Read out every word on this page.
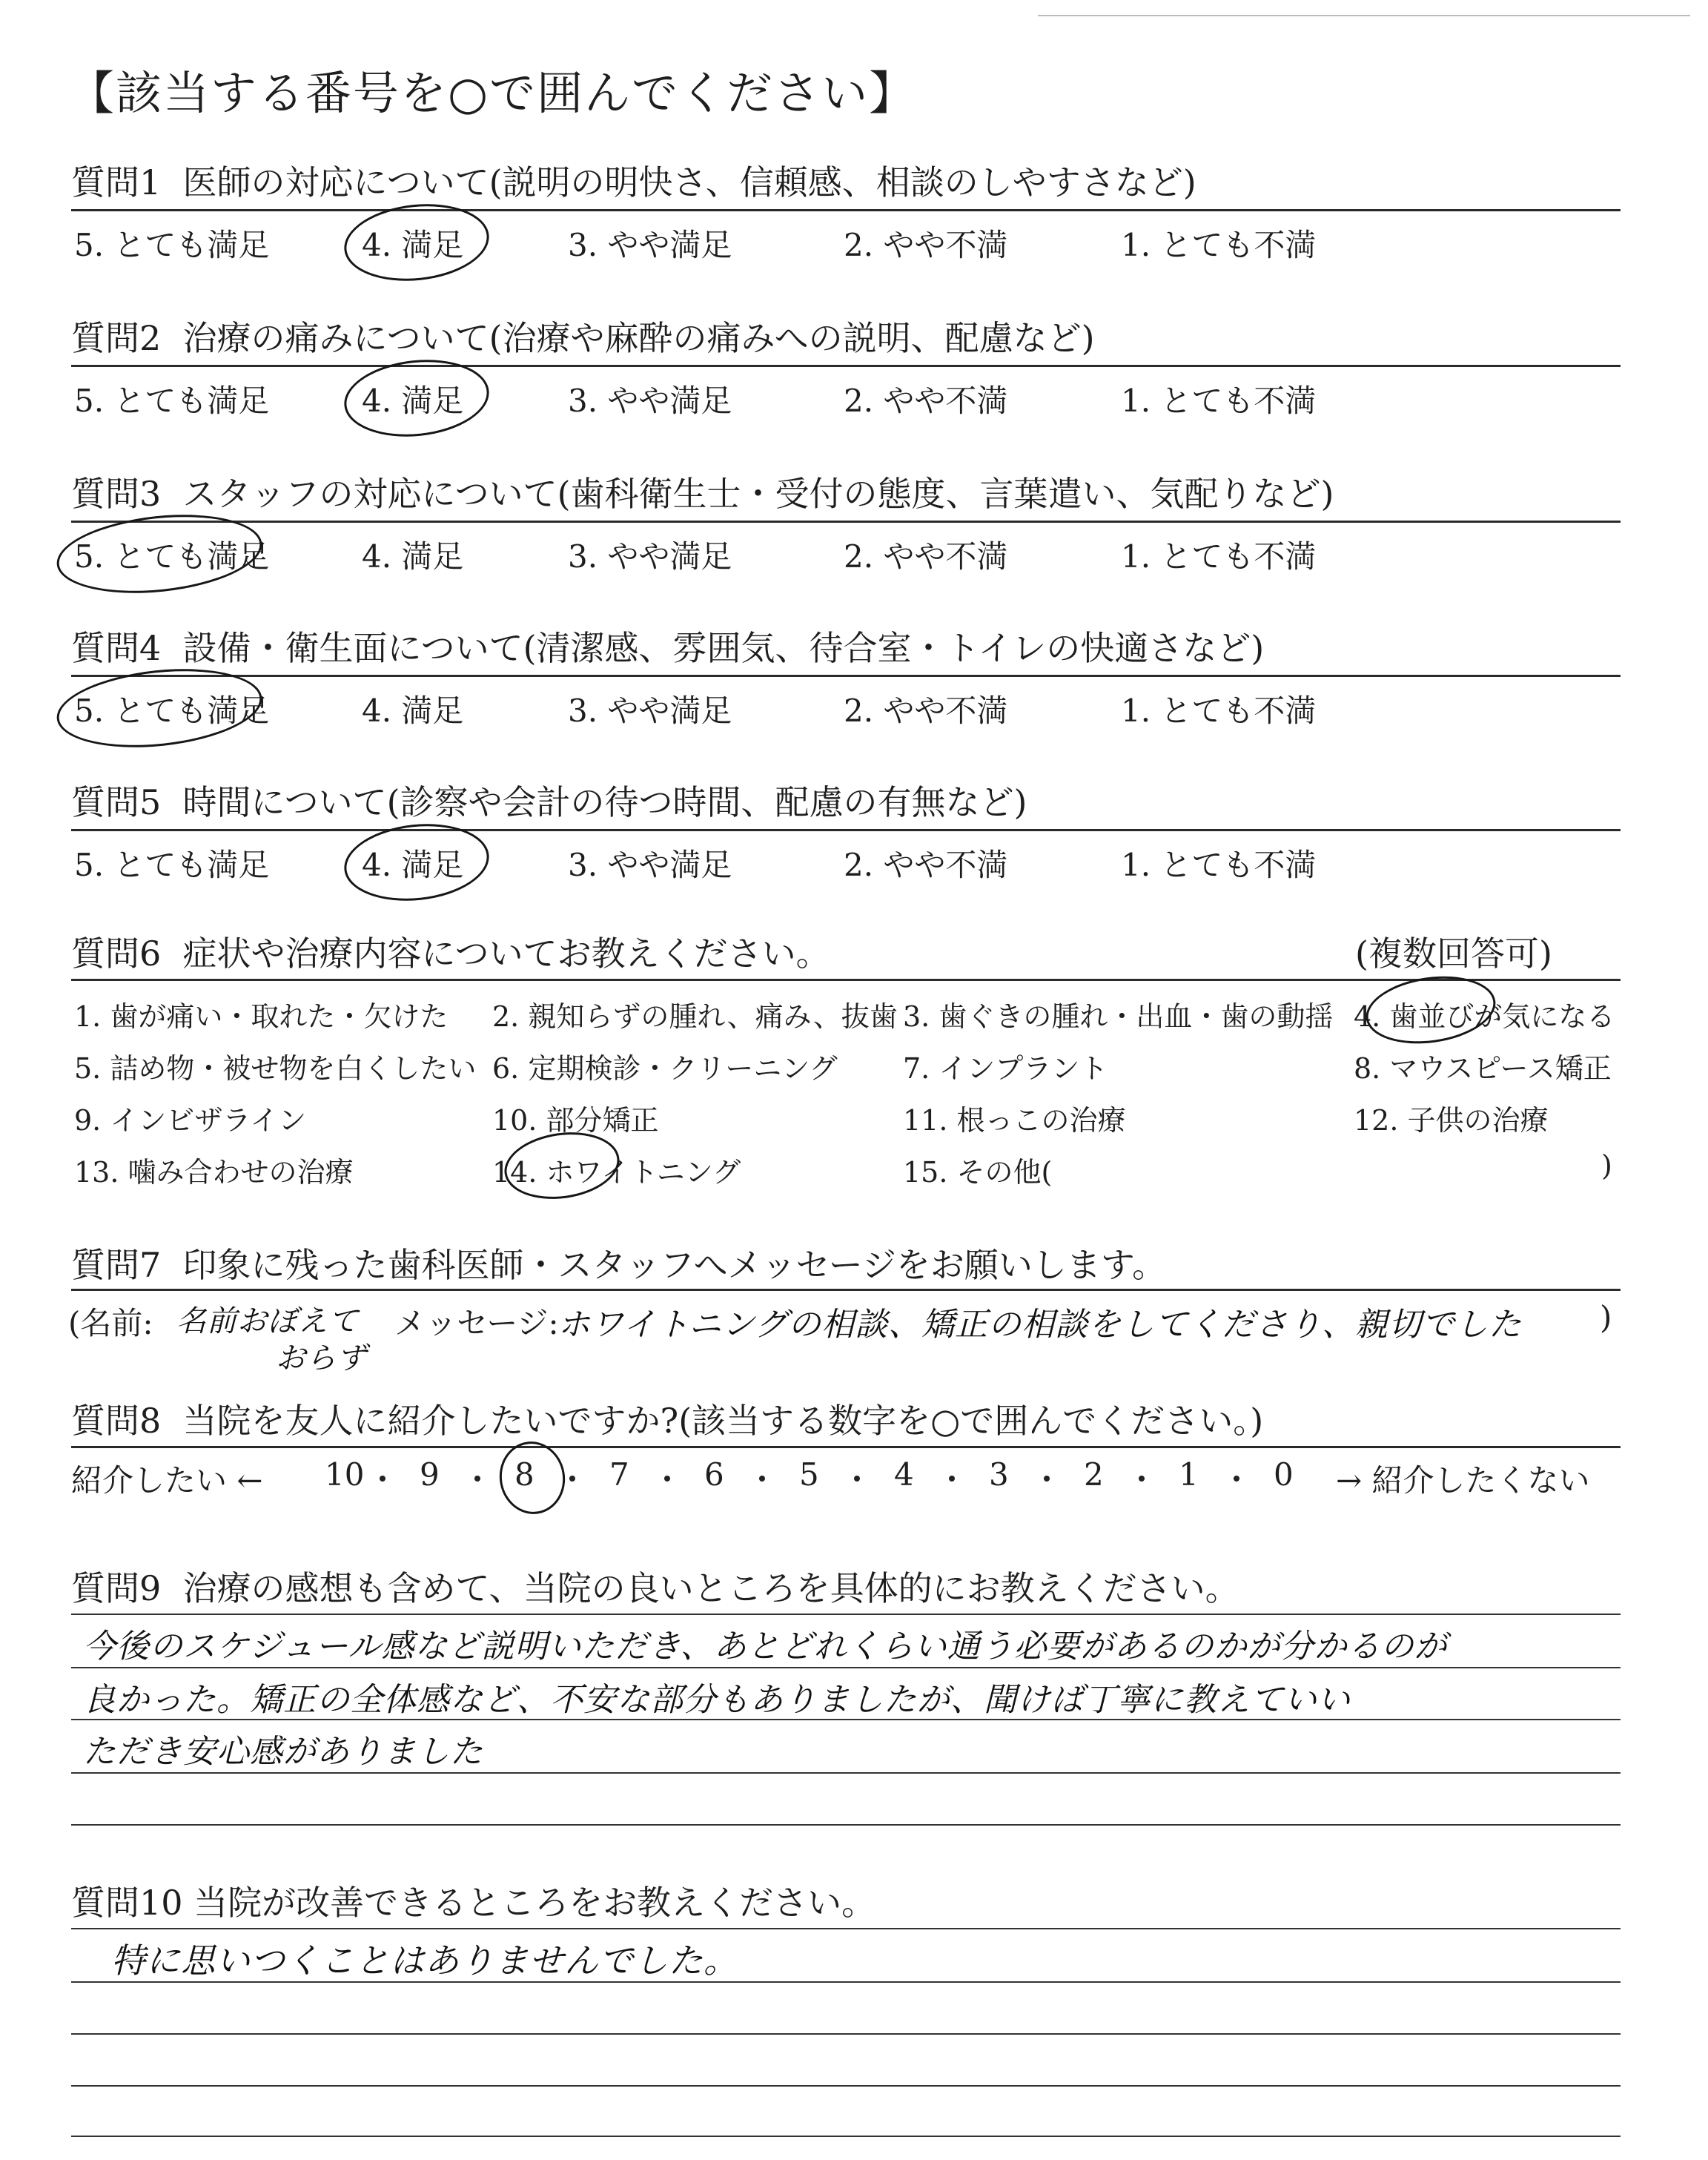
【該当する番号を○で囲んでください】
質問1 医師の対応について(説明の明快さ、信頼感、相談のしやすさなど)
5. とても満足	4. 満足	3. やや満足	2. やや不満	1. とても不満
質問2 治療の痛みについて(治療や麻酔の痛みへの説明、配慮など)
5. とても満足	4. 満足	3. やや満足	2. やや不満	1. とても不満
質問3 スタッフの対応について(歯科衛生士・受付の態度、言葉遣い、気配りなど)
5. とても満足	4. 満足	3. やや満足	2. やや不満	1. とても不満
質問4 設備・衛生面について(清潔感、雰囲気、待合室・トイレの快適さなど)
5. とても満足	4. 満足	3. やや満足	2. やや不満	1. とても不満
質問5 時間について(診察や会計の待つ時間、配慮の有無など)
5. とても満足	4. 満足	3. やや満足	2. やや不満	1. とても不満
質問6 症状や治療内容についてお教えください。	(複数回答可)
1. 歯が痛い・取れた・欠けた 2. 親知らずの腫れ、痛み、抜歯 3. 歯ぐきの腫れ・出血・歯の動揺 4. 歯並びが気になる
5. 詰め物・被せ物を白くしたい 6. 定期検診・クリーニング 7. インプラント	8. マウスピース矯正
9. インビザライン	10. 部分矯正	11. 根っこの治療	12. 子供の治療
13. 噛み合わせの治療	14. ホワイトニング	15. その他(	)
質問7 印象に残った歯科医師・スタッフへメッセージをお願いします。
(名前: 名前おぼえて
おらず
メッセージ:
ホワイトニングの相談、矯正の相談をしてくださり、親切でした )
質問8 当院を友人に紹介したいですか?(該当する数字を○で囲んでください。)
紹介したい ← 10 9 8 7 6 5 4 3 2 1 0 → 紹介したくない
質問9 治療の感想も含めて、当院の良いところを具体的にお教えください。
今後のスケジュール感など説明いただき、あとどれくらい通う必要があるのかが分かるのが
良かった。矯正の全体感など、不安な部分もありましたが、聞けば丁寧に教えていい
ただき安心感がありました
質問10 当院が改善できるところをお教えください。
特に思いつくことはありませんでした。
